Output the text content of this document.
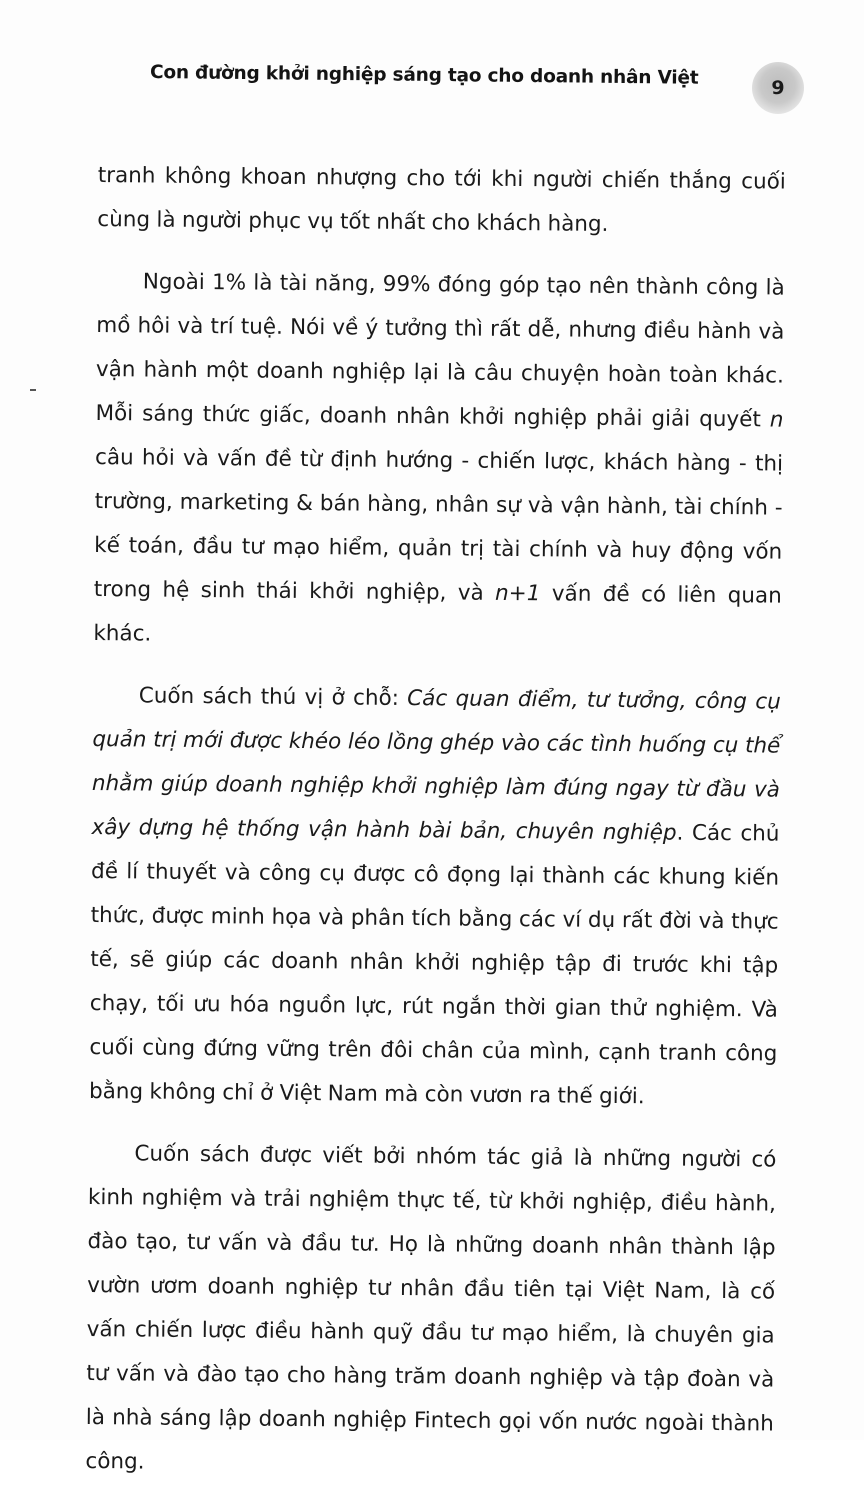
Con đường khởi nghiệp sáng tạo cho doanh nhân Việt	9

tranh không khoan nhượng cho tới khi người chiến thắng cuối cùng là người phục vụ tốt nhất cho khách hàng.

Ngoài 1% là tài năng, 99% đóng góp tạo nên thành công là mồ hôi và trí tuệ. Nói về ý tưởng thì rất dễ, nhưng điều hành và vận hành một doanh nghiệp lại là câu chuyện hoàn toàn khác. Mỗi sáng thức giấc, doanh nhân khởi nghiệp phải giải quyết n câu hỏi và vấn đề từ định hướng - chiến lược, khách hàng - thị trường, marketing & bán hàng, nhân sự và vận hành, tài chính - kế toán, đầu tư mạo hiểm, quản trị tài chính và huy động vốn trong hệ sinh thái khởi nghiệp, và n+1 vấn đề có liên quan khác.

Cuốn sách thú vị ở chỗ: Các quan điểm, tư tưởng, công cụ quản trị mới được khéo léo lồng ghép vào các tình huống cụ thể nhằm giúp doanh nghiệp khởi nghiệp làm đúng ngay từ đầu và xây dựng hệ thống vận hành bài bản, chuyên nghiệp. Các chủ đề lí thuyết và công cụ được cô đọng lại thành các khung kiến thức, được minh họa và phân tích bằng các ví dụ rất đời và thực tế, sẽ giúp các doanh nhân khởi nghiệp tập đi trước khi tập chạy, tối ưu hóa nguồn lực, rút ngắn thời gian thử nghiệm. Và cuối cùng đứng vững trên đôi chân của mình, cạnh tranh công bằng không chỉ ở Việt Nam mà còn vươn ra thế giới.

Cuốn sách được viết bởi nhóm tác giả là những người có kinh nghiệm và trải nghiệm thực tế, từ khởi nghiệp, điều hành, đào tạo, tư vấn và đầu tư. Họ là những doanh nhân thành lập vườn ươm doanh nghiệp tư nhân đầu tiên tại Việt Nam, là cố vấn chiến lược điều hành quỹ đầu tư mạo hiểm, là chuyên gia tư vấn và đào tạo cho hàng trăm doanh nghiệp và tập đoàn và là nhà sáng lập doanh nghiệp Fintech gọi vốn nước ngoài thành công.
